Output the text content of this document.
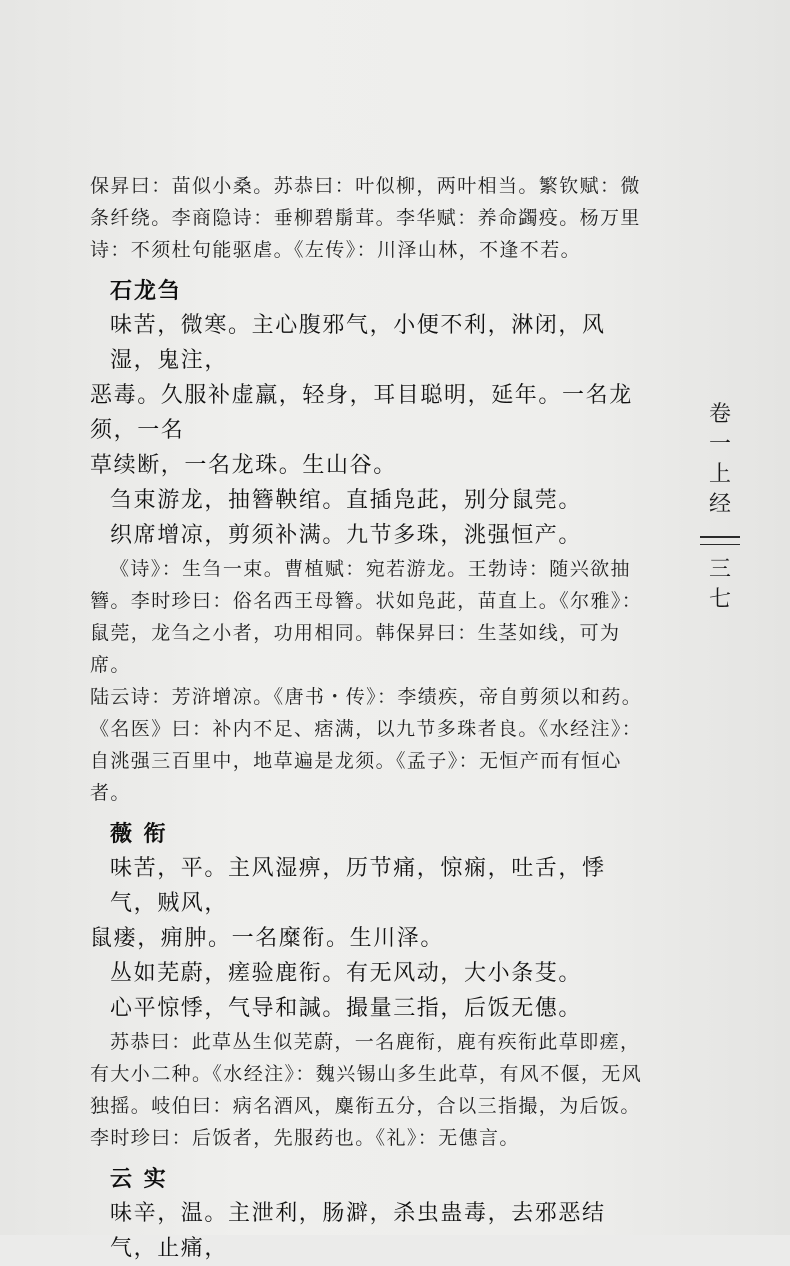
保昇曰：苗似小桑。苏恭曰：叶似柳，两叶相当。繁钦赋：微

条纤绕。李商隐诗：垂柳碧鬅茸。李华赋：养命蠲疫。杨万里

诗：不须杜句能驱虐。《左传》：川泽山林，不逢不若。

石龙刍

味苦，微寒。主心腹邪气，小便不利，淋闭，风湿，鬼注，

恶毒。久服补虚羸，轻身，耳目聪明，延年。一名龙须，一名

草续断，一名龙珠。生山谷。

刍束游龙，抽簪鞅绾。直插凫茈，别分鼠莞。

织席增凉，剪须补满。九节多珠，洮强恒产。

《诗》：生刍一束。曹植赋：宛若游龙。王勃诗：随兴欲抽

簪。李时珍曰：俗名西王母簪。状如凫茈，苗直上。《尔雅》：

鼠莞，龙刍之小者，功用相同。韩保昇曰：生茎如线，可为席。

陆云诗：芳浒增凉。《唐书・传》：李绩疾，帝自剪须以和药。

《名医》曰：补内不足、痞满，以九节多珠者良。《水经注》：

自洮强三百里中，地草遍是龙须。《孟子》：无恒产而有恒心者。

薇 衔

味苦，平。主风湿痹，历节痛，惊痫，吐舌，悸气，贼风，

鼠瘘，痈肿。一名糜衔。生川泽。

丛如芜蔚，瘥验鹿衔。有无风动，大小条芟。

心平惊悸，气导和諴。撮量三指，后饭无僡。

苏恭曰：此草丛生似芜蔚，一名鹿衔，鹿有疾衔此草即瘥，

有大小二种。《水经注》：魏兴锡山多生此草，有风不偃，无风

独摇。岐伯曰：病名酒风，麋衔五分，合以三指撮，为后饭。

李时珍曰：后饭者，先服药也。《礼》：无僡言。

云 实

味辛，温。主泄利，肠澼，杀虫蛊毒，去邪恶结气，止痛，

卷
一
上
经
三
七
